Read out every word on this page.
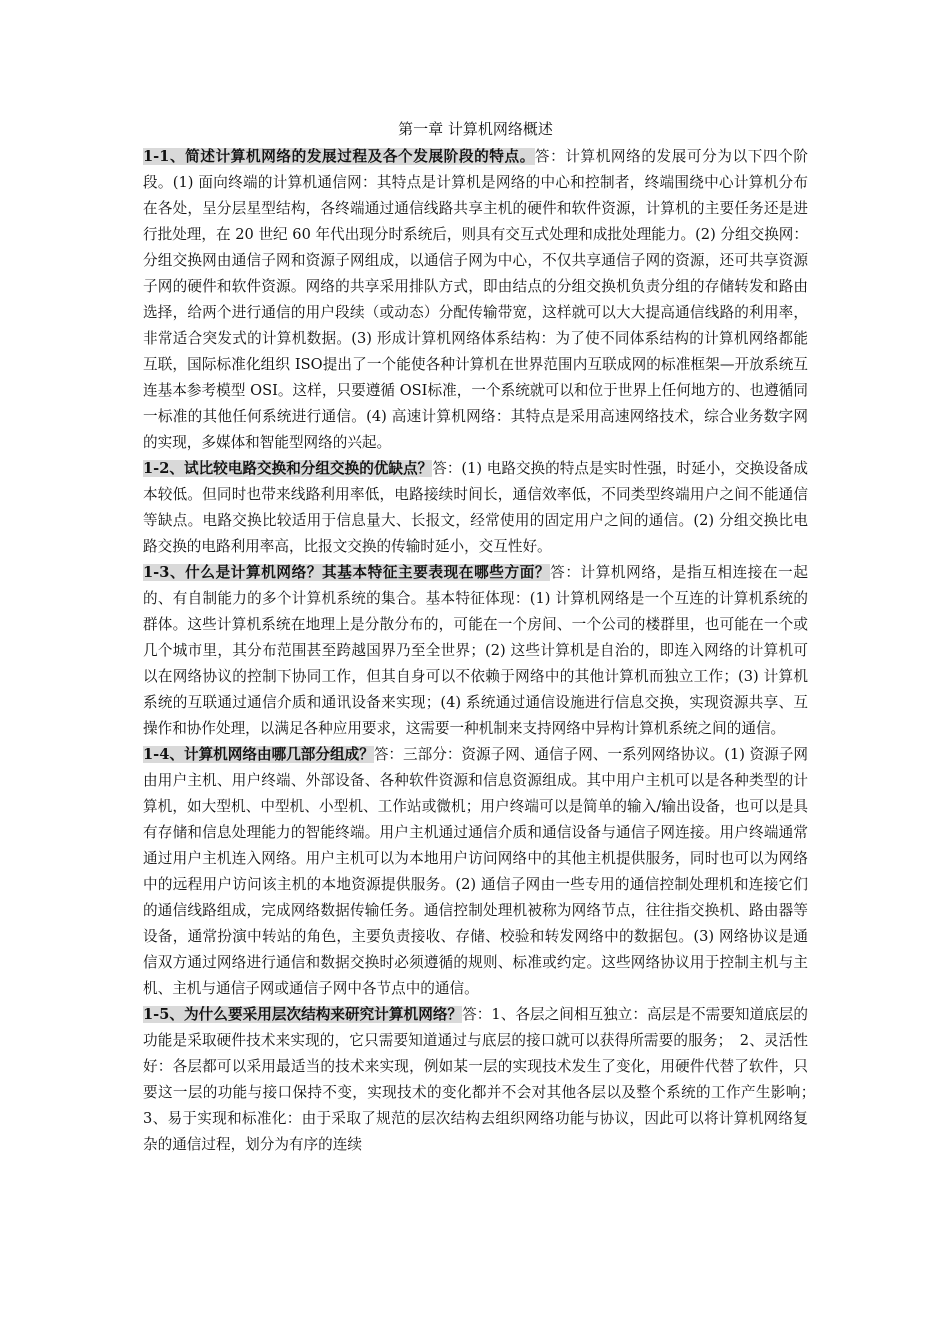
第一章 计算机网络概述

1-1、简述计算机网络的发展过程及各个发展阶段的特点。答：计算机网络的发展可分为以下四个阶段。(1) 面向终端的计算机通信网：其特点是计算机是网络的中心和控制者，终端围绕中心计算机分布在各处，呈分层星型结构，各终端通过通信线路共享主机的硬件和软件资源，计算机的主要任务还是进行批处理，在 20 世纪 60 年代出现分时系统后，则具有交互式处理和成批处理能力。(2) 分组交换网：分组交换网由通信子网和资源子网组成，以通信子网为中心，不仅共享通信子网的资源，还可共享资源子网的硬件和软件资源。网络的共享采用排队方式，即由结点的分组交换机负责分组的存储转发和路由选择，给两个进行通信的用户段续（或动态）分配传输带宽，这样就可以大大提高通信线路的利用率，非常适合突发式的计算机数据。(3) 形成计算机网络体系结构：为了使不同体系结构的计算机网络都能互联，国际标准化组织 ISO提出了一个能使各种计算机在世界范围内互联成网的标准框架—开放系统互连基本参考模型 OSI。这样，只要遵循 OSI标准，一个系统就可以和位于世界上任何地方的、也遵循同一标准的其他任何系统进行通信。(4) 高速计算机网络：其特点是采用高速网络技术，综合业务数字网的实现，多媒体和智能型网络的兴起。

1-2、试比较电路交换和分组交换的优缺点？答：(1) 电路交换的特点是实时性强，时延小，交换设备成本较低。但同时也带来线路利用率低，电路接续时间长，通信效率低，不同类型终端用户之间不能通信等缺点。电路交换比较适用于信息量大、长报文，经常使用的固定用户之间的通信。(2) 分组交换比电路交换的电路利用率高，比报文交换的传输时延小，交互性好。

1-3、什么是计算机网络？其基本特征主要表现在哪些方面？答：计算机网络，是指互相连接在一起的、有自制能力的多个计算机系统的集合。基本特征体现：(1) 计算机网络是一个互连的计算机系统的群体。这些计算机系统在地理上是分散分布的，可能在一个房间、一个公司的楼群里，也可能在一个或几个城市里，其分布范围甚至跨越国界乃至全世界；(2) 这些计算机是自治的，即连入网络的计算机可以在网络协议的控制下协同工作，但其自身可以不依赖于网络中的其他计算机而独立工作；(3) 计算机系统的互联通过通信介质和通讯设备来实现；(4) 系统通过通信设施进行信息交换，实现资源共享、互操作和协作处理，以满足各种应用要求，这需要一种机制来支持网络中异构计算机系统之间的通信。

1-4、计算机网络由哪几部分组成？答：三部分：资源子网、通信子网、一系列网络协议。(1) 资源子网由用户主机、用户终端、外部设备、各种软件资源和信息资源组成。其中用户主机可以是各种类型的计算机，如大型机、中型机、小型机、工作站或微机；用户终端可以是简单的输入/输出设备，也可以是具有存储和信息处理能力的智能终端。用户主机通过通信介质和通信设备与通信子网连接。用户终端通常通过用户主机连入网络。用户主机可以为本地用户访问网络中的其他主机提供服务，同时也可以为网络中的远程用户访问该主机的本地资源提供服务。(2) 通信子网由一些专用的通信控制处理机和连接它们的通信线路组成，完成网络数据传输任务。通信控制处理机被称为网络节点，往往指交换机、路由器等设备，通常扮演中转站的角色，主要负责接收、存储、校验和转发网络中的数据包。(3) 网络协议是通信双方通过网络进行通信和数据交换时必须遵循的规则、标准或约定。这些网络协议用于控制主机与主机、主机与通信子网或通信子网中各节点中的通信。

1-5、为什么要采用层次结构来研究计算机网络？答：1、各层之间相互独立：高层是不需要知道底层的功能是采取硬件技术来实现的，它只需要知道通过与底层的接口就可以获得所需要的服务；　2、灵活性好：各层都可以采用最适当的技术来实现，例如某一层的实现技术发生了变化，用硬件代替了软件，只要这一层的功能与接口保持不变，实现技术的变化都并不会对其他各层以及整个系统的工作产生影响；　3、易于实现和标准化：由于采取了规范的层次结构去组织网络功能与协议，因此可以将计算机网络复杂的通信过程，划分为有序的连续
